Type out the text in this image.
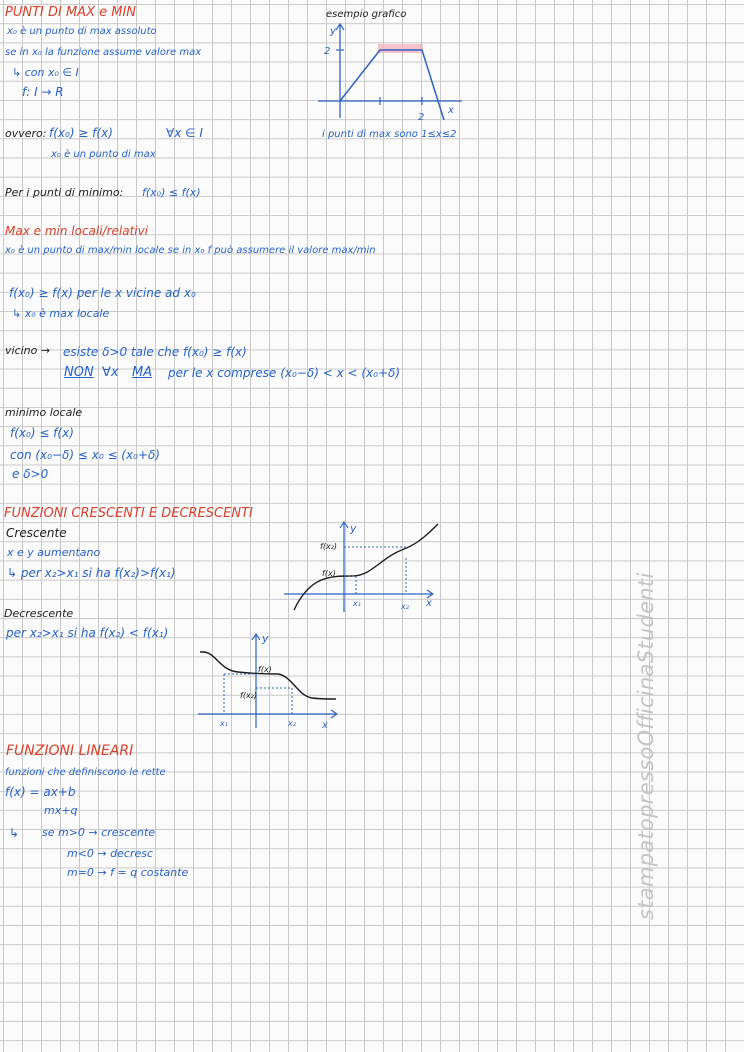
PUNTI DI MAX e MIN
x₀ è un punto di max assoluto
se in x₀ la funzione assume valore max
↳ con x₀ ∈ I
f: I → R
ovvero: f(x₀) ≥ f(x)	∀x ∈ I
x₀ è un punto di max
Per i punti di minimo: f(x₀) ≤ f(x)
esempio grafico
y
2
x
2
i punti di max sono 1≤x≤2
Max e min locali/relativi
x₀ è un punto di max/min locale se in x₀ f può assumere il valore max/min
f(x₀) ≥ f(x) per le x vicine ad x₀
↳ x₀ è max locale
vicino → esiste δ>0 tale che f(x₀) ≥ f(x)
NON ∀x MA per le x comprese (x₀−δ) < x < (x₀+δ)
minimo locale
f(x₀) ≤ f(x)
con (x₀−δ) ≤ x₀ ≤ (x₀+δ)
e δ>0
FUNZIONI CRESCENTI E DECRESCENTI
Crescente
x e y aumentano
↳ per x₂>x₁ si ha f(x₂)>f(x₁)
y
x
f(x₂)
f(x)
x₁	x₂
Decrescente
per x₂>x₁ si ha f(x₂) < f(x₁)	y
x
f(x)
f(x₂)
x₁	x₂
FUNZIONI LINEARI
funzioni che definiscono le rette
f(x) = ax+b
mx+q
↳ se m>0 → crescente
m<0 → decresc
m=0 → f = q costante	stampatopressoOfficinaStudenti
